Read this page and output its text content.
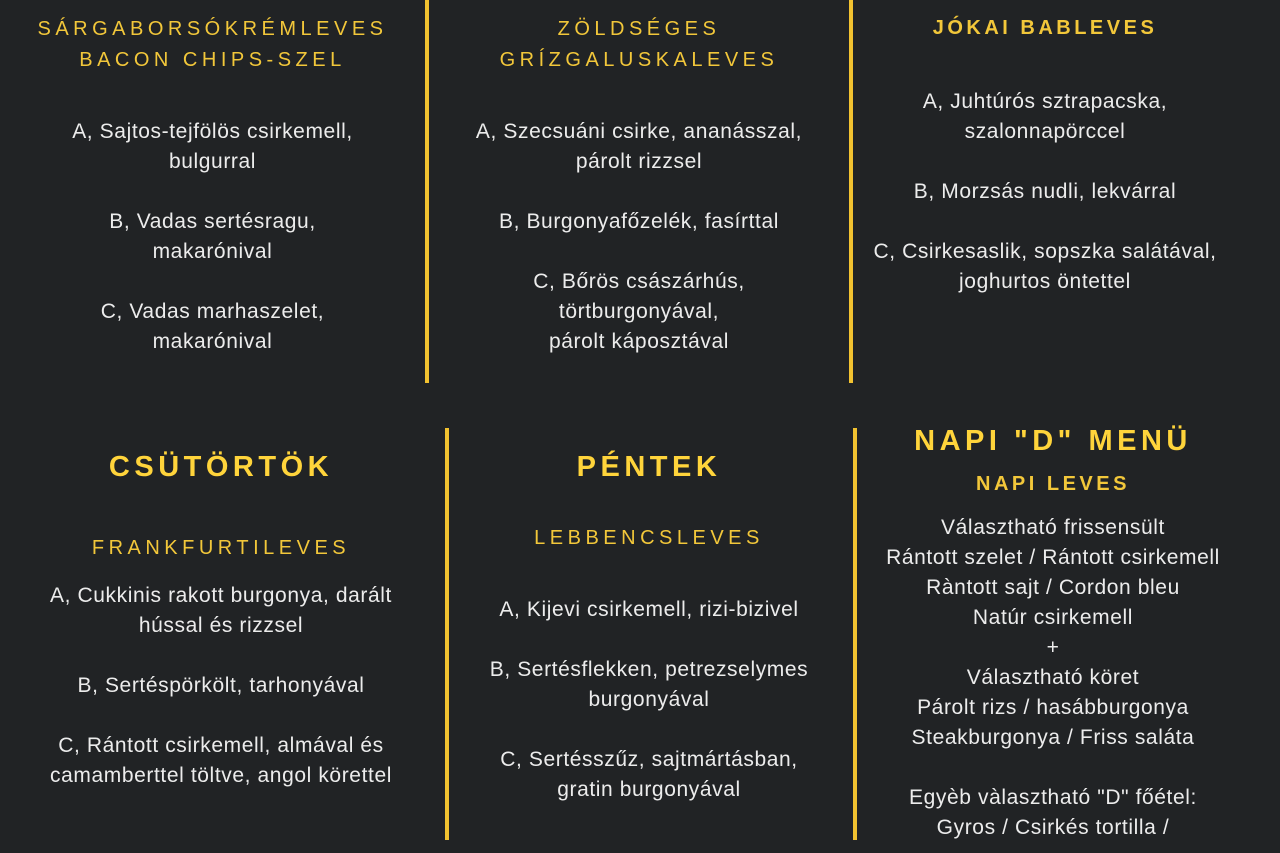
SÁRGABORSÓKRÉMLEVES
BACON CHIPS-SZEL
A, Sajtos-tejfölös csirkemell,
bulgurral
B, Vadas sertésragu,
makarónival
C, Vadas marhaszelet,
makarónival
ZÖLDSÉGES
GRÍZGALUSKALEVES
A, Szecsuáni csirke, ananásszal,
párolt rizzsel
B, Burgonyafőzelék, fasírttal
C, Bőrös császárhús,
törtburgonyával,
párolt káposztával
JÓKAI BABLEVES
A, Juhtúrós sztrapacska,
szalonnapörccel
B, Morzsás nudli, lekvárral
C, Csirkesaslik, sopszka salátával,
joghurtos öntettel
CSÜTÖRTÖK
FRANKFURTILEVES
A, Cukkinis rakott burgonya, darált
hússal és rizzsel
B, Sertéspörkölt, tarhonyával
C, Rántott csirkemell, almával és
camamberttel töltve, angol körettel
PÉNTEK
LEBBENCSLEVES
A, Kijevi csirkemell, rizi-bizivel
B, Sertésflekken, petrezselymes
burgonyával
C, Sertésszűz, sajtmártásban,
gratin burgonyával
NAPI "D" MENÜ
NAPI LEVES
Választható frissensült
Rántott szelet / Rántott csirkemell
Ràntott sajt / Cordon bleu
Natúr csirkemell
+
Választható köret
Párolt rizs / hasábburgonya
Steakburgonya / Friss saláta

Egyèb vàlasztható "D" főétel:
Gyros / Csirkés tortilla /
